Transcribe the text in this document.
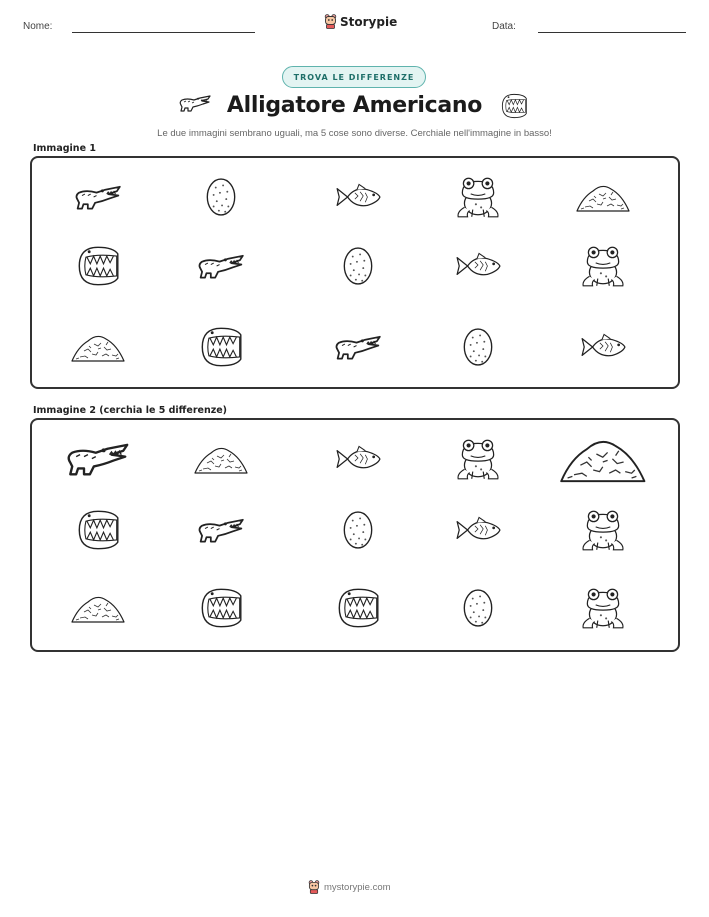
Nome:	Storypie	Data:
TROVA LE DIFFERENZE
Alligatore Americano
Le due immagini sembrano uguali, ma 5 cose sono diverse. Cerchiale nell'immagine in basso!
Immagine 1
Immagine 2 (cerchia le 5 differenze)
mystorypie.com
